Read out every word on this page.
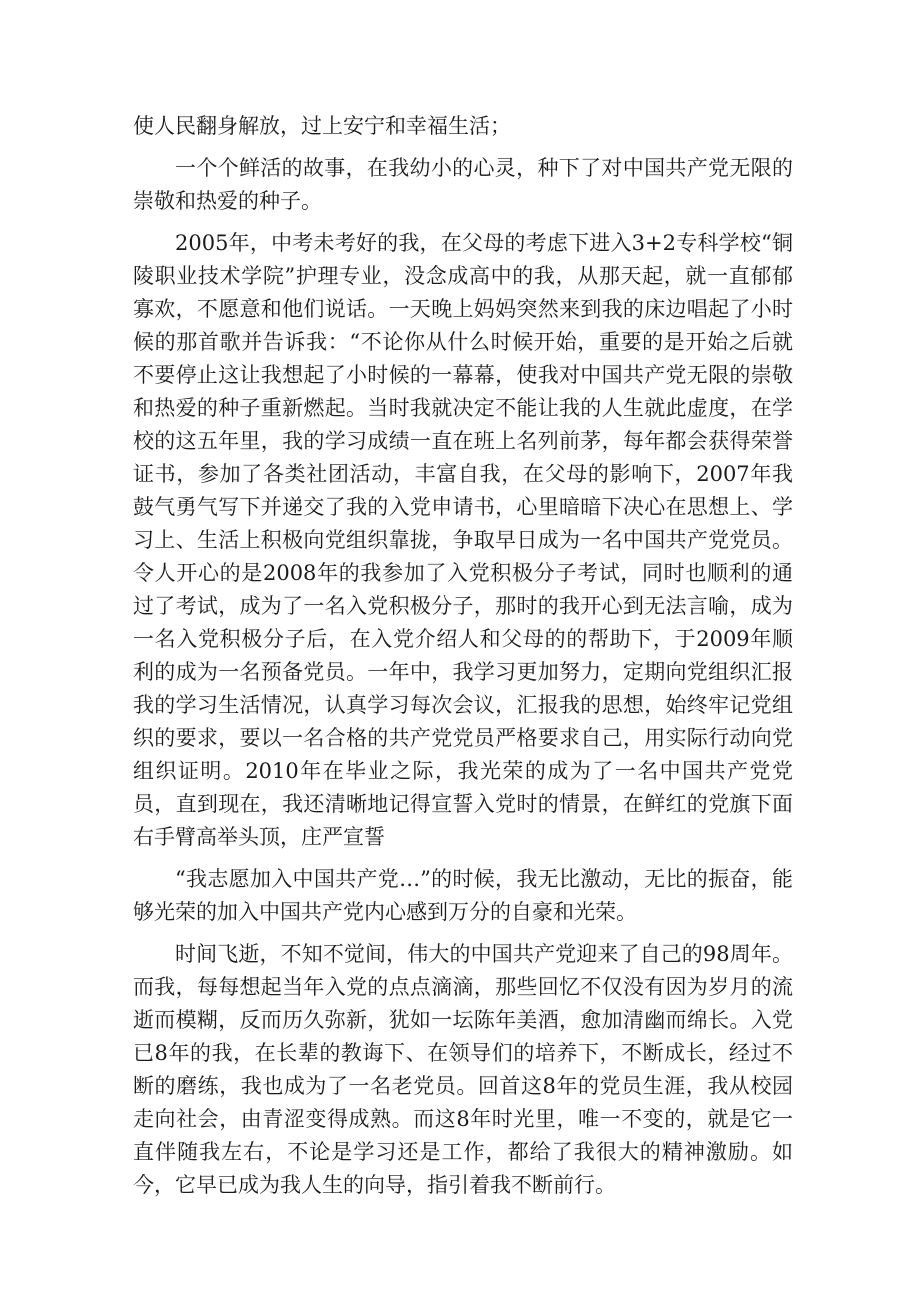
使人民翻身解放，过上安宁和幸福生活；

一个个鲜活的故事，在我幼小的心灵，种下了对中国共产党无限的崇敬和热爱的种子。

2005年，中考未考好的我，在父母的考虑下进入3+2专科学校“铜陵职业技术学院”护理专业，没念成高中的我，从那天起，就一直郁郁寡欢，不愿意和他们说话。一天晚上妈妈突然来到我的床边唱起了小时候的那首歌并告诉我：“不论你从什么时候开始，重要的是开始之后就不要停止这让我想起了小时候的一幕幕，使我对中国共产党无限的崇敬和热爱的种子重新燃起。当时我就决定不能让我的人生就此虚度，在学校的这五年里，我的学习成绩一直在班上名列前茅，每年都会获得荣誉证书，参加了各类社团活动，丰富自我，在父母的影响下，2007年我鼓气勇气写下并递交了我的入党申请书，心里暗暗下决心在思想上、学习上、生活上积极向党组织靠拢，争取早日成为一名中国共产党党员。令人开心的是2008年的我参加了入党积极分子考试，同时也顺利的通过了考试，成为了一名入党积极分子，那时的我开心到无法言喻，成为一名入党积极分子后，在入党介绍人和父母的的帮助下，于2009年顺利的成为一名预备党员。一年中，我学习更加努力，定期向党组织汇报我的学习生活情况，认真学习每次会议，汇报我的思想，始终牢记党组织的要求，要以一名合格的共产党党员严格要求自己，用实际行动向党组织证明。2010年在毕业之际，我光荣的成为了一名中国共产党党员，直到现在，我还清晰地记得宣誓入党时的情景，在鲜红的党旗下面右手臂高举头顶，庄严宣誓

“我志愿加入中国共产党…”的时候，我无比激动，无比的振奋，能够光荣的加入中国共产党内心感到万分的自豪和光荣。

时间飞逝，不知不觉间，伟大的中国共产党迎来了自己的98周年。而我，每每想起当年入党的点点滴滴，那些回忆不仅没有因为岁月的流逝而模糊，反而历久弥新，犹如一坛陈年美酒，愈加清幽而绵长。入党已8年的我，在长辈的教诲下、在领导们的培养下，不断成长，经过不断的磨练，我也成为了一名老党员。回首这8年的党员生涯，我从校园走向社会，由青涩变得成熟。而这8年时光里，唯一不变的，就是它一直伴随我左右，不论是学习还是工作，都给了我很大的精神激励。如今，它早已成为我人生的向导，指引着我不断前行。
